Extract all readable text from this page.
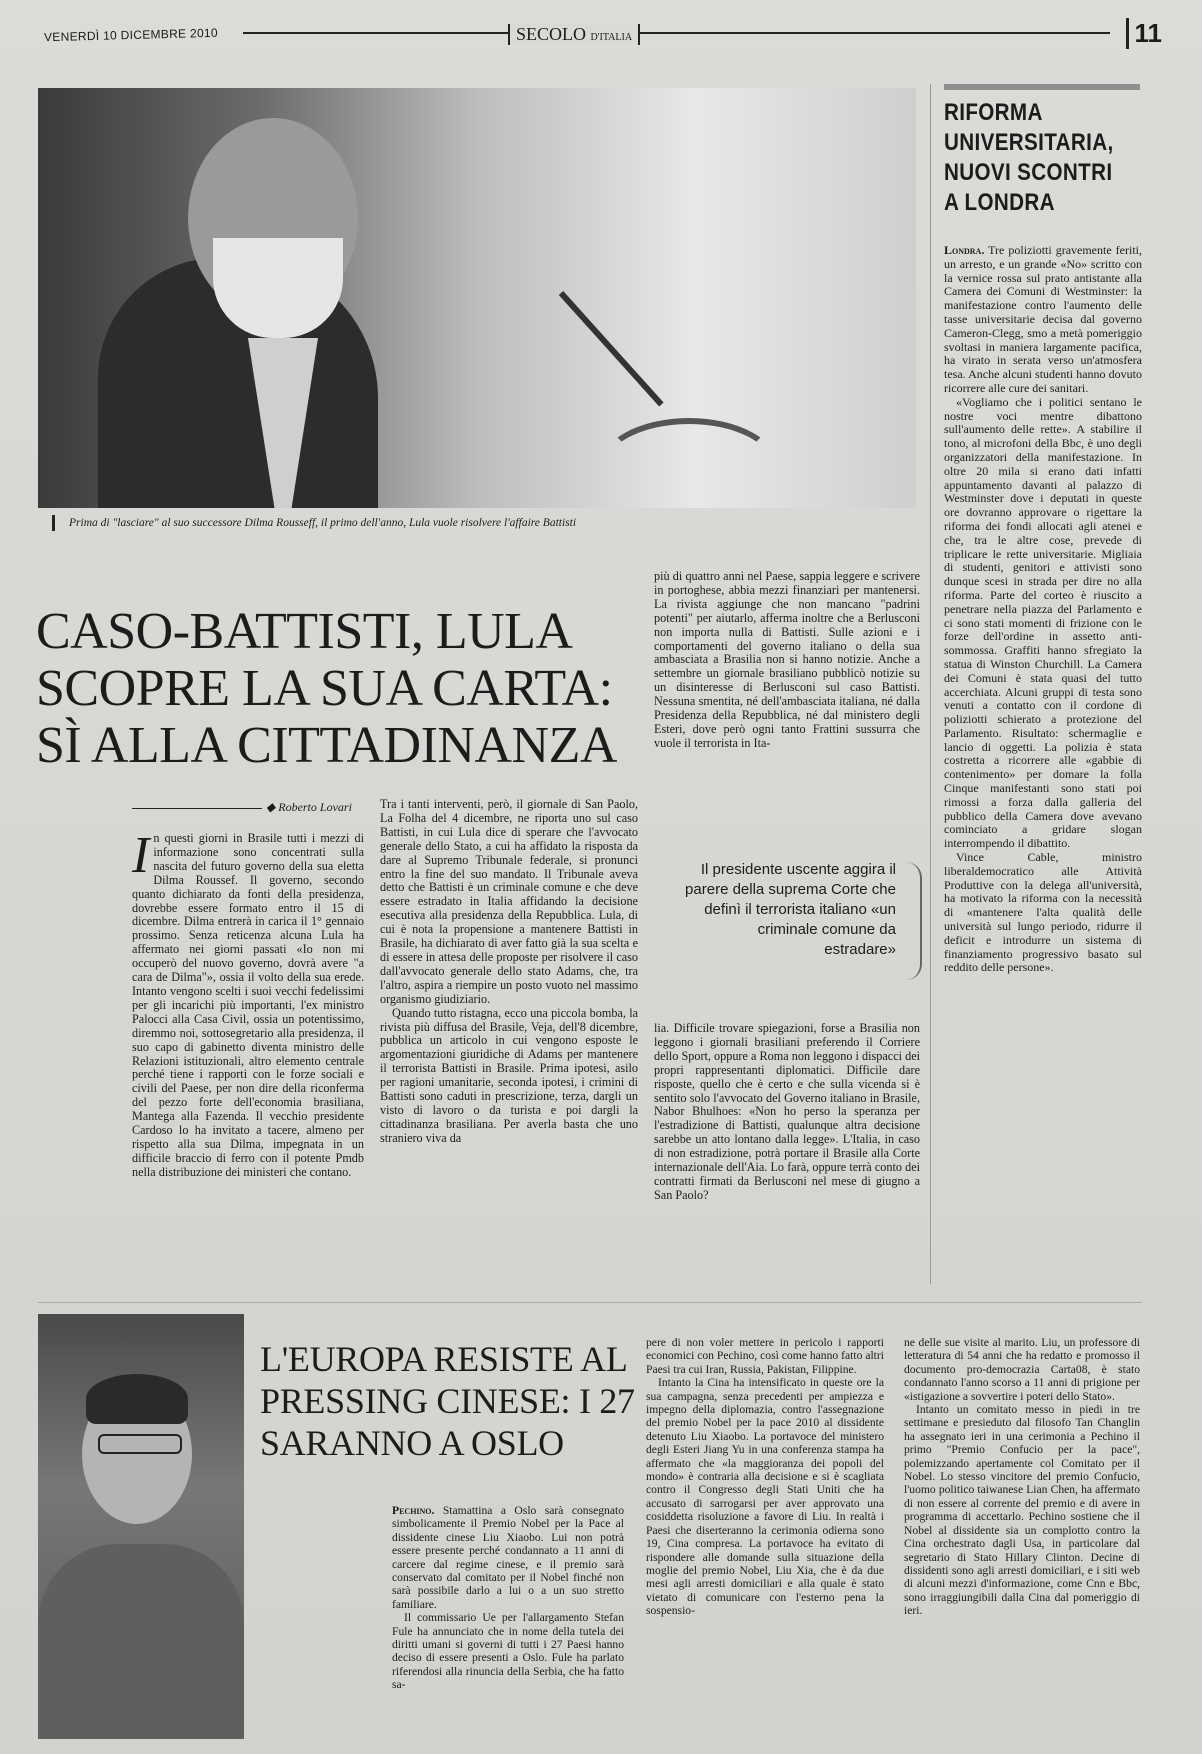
VENERDÌ 10 DICEMBRE 2010	SECOLO D'ITALIA	11
Prima di "lasciare" al suo successore Dilma Rousseff, il primo dell'anno, Lula vuole risolvere l'affaire Battisti
CASO-BATTISTI, LULA SCOPRE LA SUA CARTA: SÌ ALLA CITTADINANZA
◆ Roberto Lovari

In questi giorni in Brasile tutti i mezzi di informazione sono concentrati sulla nascita del futuro governo della sua eletta Dilma Roussef. Il governo, secondo quanto dichiarato da fonti della presidenza, dovrebbe essere formato entro il 15 di dicembre. Dilma entrerà in carica il 1° gennaio prossimo. Senza reticenza alcuna Lula ha affermato nei giorni passati «Io non mi occuperò del nuovo governo, dovrà avere "a cara de Dilma"», ossia il volto della sua erede. Intanto vengono scelti i suoi vecchi fedelissimi per gli incarichi più importanti, l'ex ministro Palocci alla Casa Civil, ossia un potentissimo, diremmo noi, sottosegretario alla presidenza, il suo capo di gabinetto diventa ministro delle Relazioni istituzionali, altro elemento centrale perché tiene i rapporti con le forze sociali e civili del Paese, per non dire della riconferma del pezzo forte dell'economia brasiliana, Mantega alla Fazenda. Il vecchio presidente Cardoso lo ha invitato a tacere, almeno per rispetto alla sua Dilma, impegnata in un difficile braccio di ferro con il potente Pmdb nella distribuzione dei ministeri che contano.

Tra i tanti interventi, però, il giornale di San Paolo, La Folha del 4 dicembre, ne riporta uno sul caso Battisti, in cui Lula dice di sperare che l'avvocato generale dello Stato, a cui ha affidato la risposta da dare al Supremo Tribunale federale, si pronunci entro la fine del suo mandato. Il Tribunale aveva detto che Battisti è un criminale comune e che deve essere estradato in Italia affidando la decisione esecutiva alla presidenza della Repubblica. Lula, di cui è nota la propensione a mantenere Battisti in Brasile, ha dichiarato di aver fatto già la sua scelta e di essere in attesa delle proposte per risolvere il caso dall'avvocato generale dello stato Adams, che, tra l'altro, aspira a riempire un posto vuoto nel massimo organismo giudiziario.

Quando tutto ristagna, ecco una piccola bomba, la rivista più diffusa del Brasile, Veja, dell'8 dicembre, pubblica un articolo in cui vengono esposte le argomentazioni giuridiche di Adams per mantenere il terrorista Battisti in Brasile. Prima ipotesi, asilo per ragioni umanitarie, seconda ipotesi, i crimini di Battisti sono caduti in prescrizione, terza, dargli un visto di lavoro o da turista e poi dargli la cittadinanza brasiliana. Per averla basta che uno straniero viva da

più di quattro anni nel Paese, sappia leggere e scrivere in portoghese, abbia mezzi finanziari per mantenersi. La rivista aggiunge che non mancano "padrini potenti" per aiutarlo, afferma inoltre che a Berlusconi non importa nulla di Battisti. Sulle azioni e i comportamenti del governo italiano o della sua ambasciata a Brasilia non si hanno notizie. Anche a settembre un giornale brasiliano pubblicò notizie su un disinteresse di Berlusconi sul caso Battisti. Nessuna smentita, né dell'ambasciata italiana, né dalla Presidenza della Repubblica, né dal ministero degli Esteri, dove però ogni tanto Frattini sussurra che vuole il terrorista in Ita-

Il presidente uscente aggira il parere della suprema Corte che definì il terrorista italiano «un criminale comune da estradare»

lia. Difficile trovare spiegazioni, forse a Brasilia non leggono i giornali brasiliani preferendo il Corriere dello Sport, oppure a Roma non leggono i dispacci dei propri rappresentanti diplomatici. Difficile dare risposte, quello che è certo e che sulla vicenda si è sentito solo l'avvocato del Governo italiano in Brasile, Nabor Bhulhoes: «Non ho perso la speranza per l'estradizione di Battisti, qualunque altra decisione sarebbe un atto lontano dalla legge». L'Italia, in caso di non estradizione, potrà portare il Brasile alla Corte internazionale dell'Aia. Lo farà, oppure terrà conto dei contratti firmati da Berlusconi nel mese di giugno a San Paolo?

RIFORMA UNIVERSITARIA, NUOVI SCONTRI A LONDRA

Londra. Tre poliziotti gravemente feriti, un arresto, e un grande «No» scritto con la vernice rossa sul prato antistante alla Camera dei Comuni di Westminster: la manifestazione contro l'aumento delle tasse universitarie decisa dal governo Cameron-Clegg, smo a metà pomeriggio svoltasi in maniera largamente pacifica, ha virato in serata verso un'atmosfera tesa. Anche alcuni studenti hanno dovuto ricorrere alle cure dei sanitari.

«Vogliamo che i politici sentano le nostre voci mentre dibattono sull'aumento delle rette». A stabilire il tono, al microfoni della Bbc, è uno degli organizzatori della manifestazione. In oltre 20 mila si erano dati infatti appuntamento davanti al palazzo di Westminster dove i deputati in queste ore dovranno approvare o rigettare la riforma dei fondi allocati agli atenei e che, tra le altre cose, prevede di triplicare le rette universitarie. Migliaia di studenti, genitori e attivisti sono dunque scesi in strada per dire no alla riforma. Parte del corteo è riuscito a penetrare nella piazza del Parlamento e ci sono stati momenti di frizione con le forze dell'ordine in assetto anti-sommossa. Graffiti hanno sfregiato la statua di Winston Churchill. La Camera dei Comuni è stata quasi del tutto accerchiata. Alcuni gruppi di testa sono venuti a contatto con il cordone di poliziotti schierato a protezione del Parlamento. Risultato: schermaglie e lancio di oggetti. La polizia è stata costretta a ricorrere alle «gabbie di contenimento» per domare la folla Cinque manifestanti sono stati poi rimossi a forza dalla galleria del pubblico della Camera dove avevano cominciato a gridare slogan interrompendo il dibattito.

Vince Cable, ministro liberaldemocratico alle Attività Produttive con la delega all'università, ha motivato la riforma con la necessità di «mantenere l'alta qualità delle università sul lungo periodo, ridurre il deficit e introdurre un sistema di finanziamento progressivo basato sul reddito delle persone».

L'EUROPA RESISTE AL PRESSING CINESE: I 27 SARANNO A OSLO

Pechino. Stamattina a Oslo sarà consegnato simbolicamente il Premio Nobel per la Pace al dissidente cinese Liu Xiaobo. Lui non potrà essere presente perché condannato a 11 anni di carcere dal regime cinese, e il premio sarà conservato dal comitato per il Nobel finché non sarà possibile darlo a lui o a un suo stretto familiare.

Il commissario Ue per l'allargamento Stefan Fule ha annunciato che in nome della tutela dei diritti umani si governi di tutti i 27 Paesi hanno deciso di essere presenti a Oslo. Fule ha parlato riferendosi alla rinuncia della Serbia, che ha fatto sa-

pere di non voler mettere in pericolo i rapporti economici con Pechino, così come hanno fatto altri Paesi tra cui Iran, Russia, Pakistan, Filippine.

Intanto la Cina ha intensificato in queste ore la sua campagna, senza precedenti per ampiezza e impegno della diplomazia, contro l'assegnazione del premio Nobel per la pace 2010 al dissidente detenuto Liu Xiaobo. La portavoce del ministero degli Esteri Jiang Yu in una conferenza stampa ha affermato che «la maggioranza dei popoli del mondo» è contraria alla decisione e si è scagliata contro il Congresso degli Stati Uniti che ha accusato di sarrogarsi per aver approvato una cosiddetta risoluzione a favore di Liu. In realtà i Paesi che diserteranno la cerimonia odierna sono 19, Cina compresa. La portavoce ha evitato di rispondere alle domande sulla situazione della moglie del premio Nobel, Liu Xia, che è da due mesi agli arresti domiciliari e alla quale è stato vietato di comunicare con l'esterno pena la sospensio-

ne delle sue visite al marito. Liu, un professore di letteratura di 54 anni che ha redatto e promosso il documento pro-democrazia Carta08, è stato condannato l'anno scorso a 11 anni di prigione per «istigazione a sovvertire i poteri dello Stato».

Intanto un comitato messo in piedi in tre settimane e presieduto dal filosofo Tan Changlin ha assegnato ieri in una cerimonia a Pechino il primo "Premio Confucio per la pace", polemizzando apertamente col Comitato per il Nobel. Lo stesso vincitore del premio Confucio, l'uomo politico taiwanese Lian Chen, ha affermato di non essere al corrente del premio e di avere in programma di accettarlo. Pechino sostiene che il Nobel al dissidente sia un complotto contro la Cina orchestrato dagli Usa, in particolare dal segretario di Stato Hillary Clinton. Decine di dissidenti sono agli arresti domiciliari, e i siti web di alcuni mezzi d'informazione, come Cnn e Bbc, sono irraggiungibili dalla Cina dal pomeriggio di ieri.
